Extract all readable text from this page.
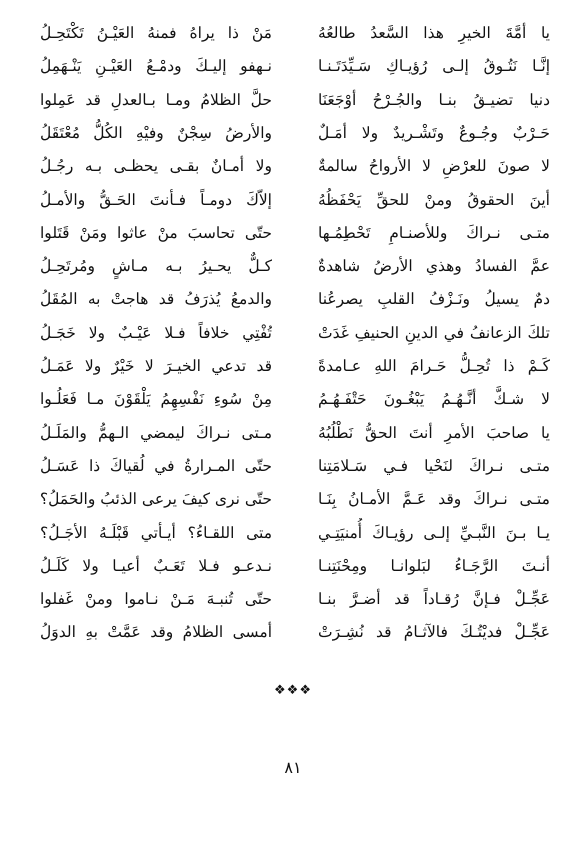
يا أمَّةَ الخيرِ هذا السَّعدُ طالعُهُ
مَنْ ذا يراهُ فمنهُ العَيْـنُ تَكْتَحِـلُ
إنَّـا نَتُـوقُ إلـى رُؤيـاكِ سَـيِّدَتَـنـا
نـهفو إليـكَ ودمْـعُ العَيْـنِ يَنْـهَمِلُ
دنيا تضيـقُ بنـا والجُـرْحُ أوْجَعَنَا
حلَّ الظلامُ ومـا بـالعدلِ قد عَمِلوا
حَـرْبٌ وجُـوعٌ وتَشْـريدٌ ولا أمَـلٌ
والأرضُ سِجْنٌ وفيْهِ الكُلُّ مُعْتَقَلُ
لا صونَ للعرْضِ لا الأرواحُ سالمةٌ
ولا أمـانٌ بقـى يحظـى بـه رجُـلُ
أينَ الحقوقُ ومنْ للحقِّ يَحْفَظُهُ
إلاّكَ دومـاً فـأنتَ الحَـقُّ والأمـلُ
متـى نـراكَ وللأصنـامِ تَحْطِمُـها
حتّى تحاسبَ منْ عاثوا ومَنْ قَتَلوا
عمَّ الفسادُ وهذي الأرضُ شاهدةٌ
كـلٌّ يحـيرُ بـه مـاشٍ ومُرتَحِـلُ
دمٌ يسيلُ ونَـزْفُ القلبِ يصرعُنا
والدمعُ يُذرَفُ قد هاجتْ به المُقَلُ
تلكَ الزعانفُ في الدينِ الحنيفِ غَدَتْ
تُفْتِي خلافاً فـلا عَيْـبٌ ولا خَجَـلُ
كَـمْ ذا تُحِـلُّ حَـرامَ اللهِ عـامدةً
قد تدعي الخيـرَ لا خَيْرٌ ولا عَمَـلُ
لا شـكَّ أنَّـهُـمُ يَبْغُـونَ حَتْفَـهُـمُ
مِنْ سُوءِ نَفْسِهِمُ يَلْقَوْنَ مـا فَعَلُـوا
يا صاحبَ الأمرِ أنتَ الحقُّ نَطْلُبُهُ
مـتى نـراكَ ليمضي الـهمُّ والمَلَـلُ
متـى نـراكَ لنَحْيا فـي سَـلامَتِنا
حتّى المـرارةُ في لُقياكَ ذا عَسَـلُ
متـى نـراكَ وقد عَـمَّ الأمـانُ بِنَـا
حتّى نرى كيفَ يرعى الذئبُ والحَمَلُ؟
يـا بـنَ النَّبـيِّ إلـى رؤيـاكَ أُمنيَتِـي
متى اللقـاءُ؟ أيـأتي قَبْلَـهُ الأجَـلُ؟
أنـتَ الرَّجَـاءُ لبَلوانـا ومِحْنَتِنـا
نـدعـو فـلا تَعَـبٌ أعيـا ولا كَلَـلُ
عَجِّـلْ فـإنَّ رُقـاداً قد أضـرَّ بنـا
حتّى تُنبـهَ مَـنْ نـاموا ومنْ غَفلوا
عَجِّـلْ فديْتُـكَ فالآثـامُ قد نُشِـرَتْ
أمسى الظلامُ وقد عَمَّتْ بهِ الدوَلُ
❖❖❖
٨١
